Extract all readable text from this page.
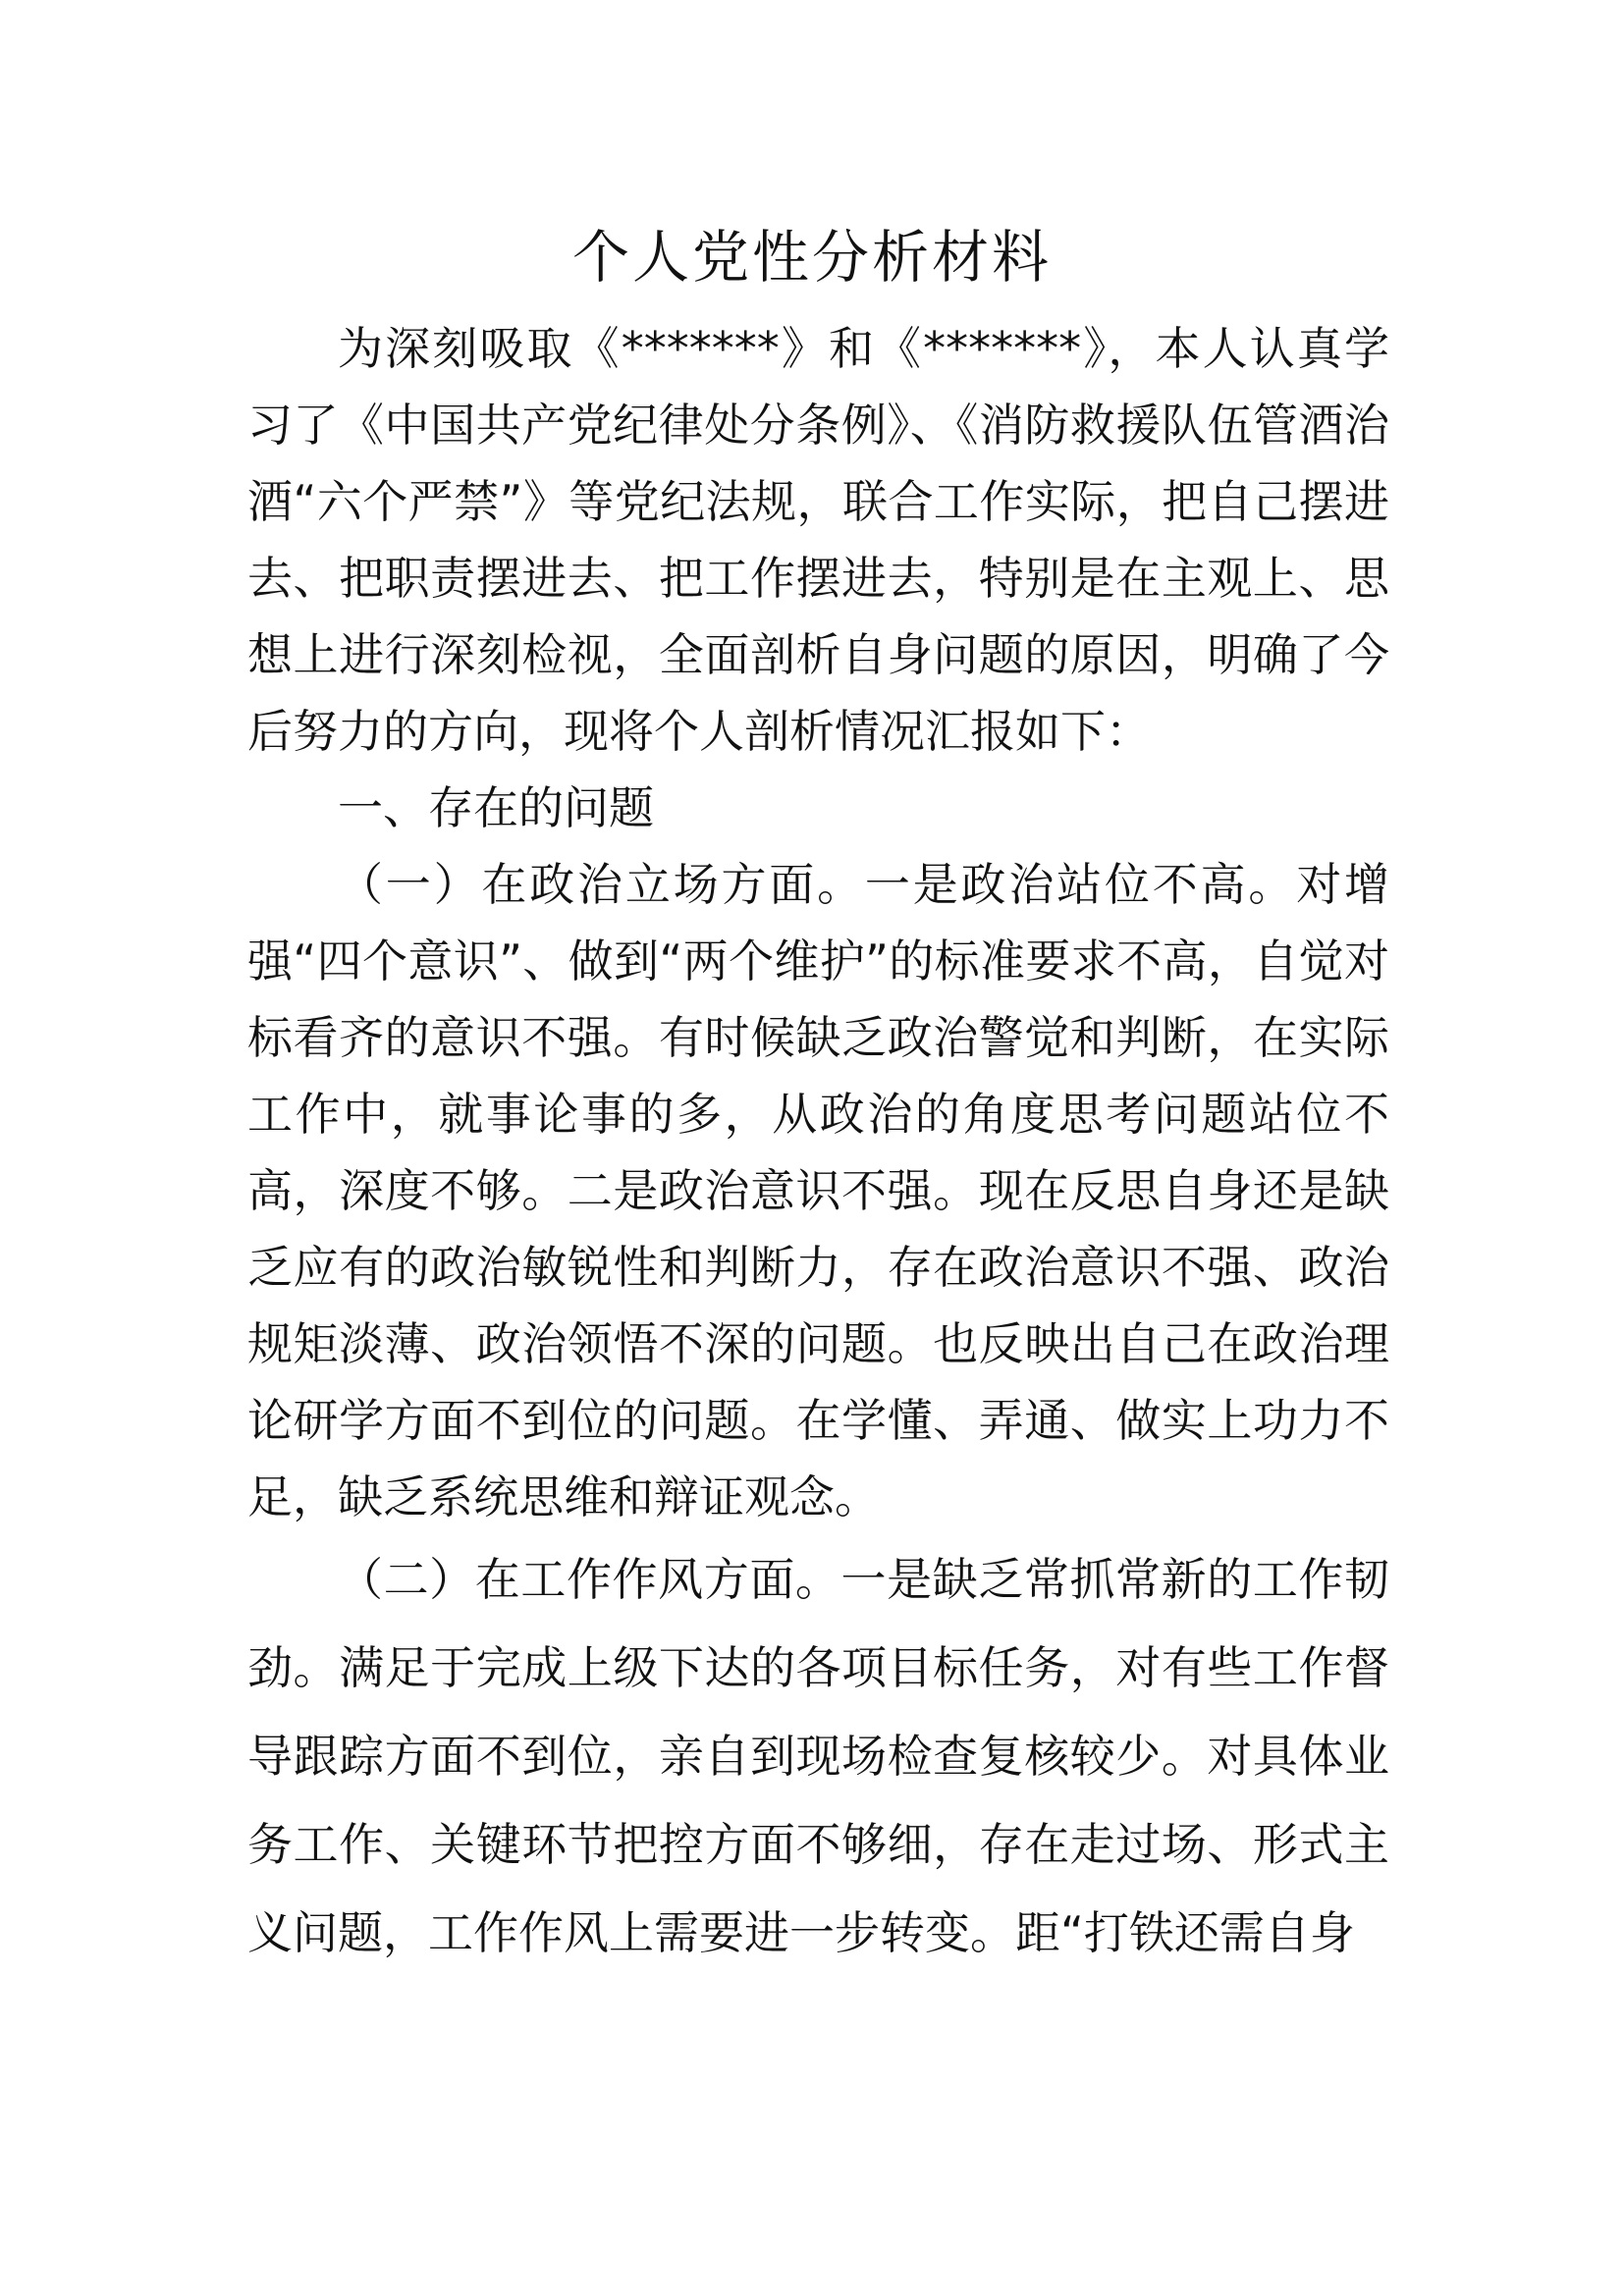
个人党性分析材料

为深刻吸取《*******》和《*******》，本人认真学习了《中国共产党纪律处分条例》、《消防救援队伍管酒治酒“六个严禁”》等党纪法规，联合工作实际，把自己摆进去、把职责摆进去、把工作摆进去，特别是在主观上、思想上进行深刻检视，全面剖析自身问题的原因，明确了今后努力的方向，现将个人剖析情况汇报如下：

一、存在的问题

（一）在政治立场方面。一是政治站位不高。对增强“四个意识”、做到“两个维护”的标准要求不高，自觉对标看齐的意识不强。有时候缺乏政治警觉和判断，在实际工作中，就事论事的多，从政治的角度思考问题站位不高，深度不够。二是政治意识不强。现在反思自身还是缺乏应有的政治敏锐性和判断力，存在政治意识不强、政治规矩淡薄、政治领悟不深的问题。也反映出自己在政治理论研学方面不到位的问题。在学懂、弄通、做实上功力不足，缺乏系统思维和辩证观念。

（二）在工作作风方面。一是缺乏常抓常新的工作韧劲。满足于完成上级下达的各项目标任务，对有些工作督导跟踪方面不到位，亲自到现场检查复核较少。对具体业务工作、关键环节把控方面不够细，存在走过场、形式主义问题，工作作风上需要进一步转变。距“打铁还需自身
